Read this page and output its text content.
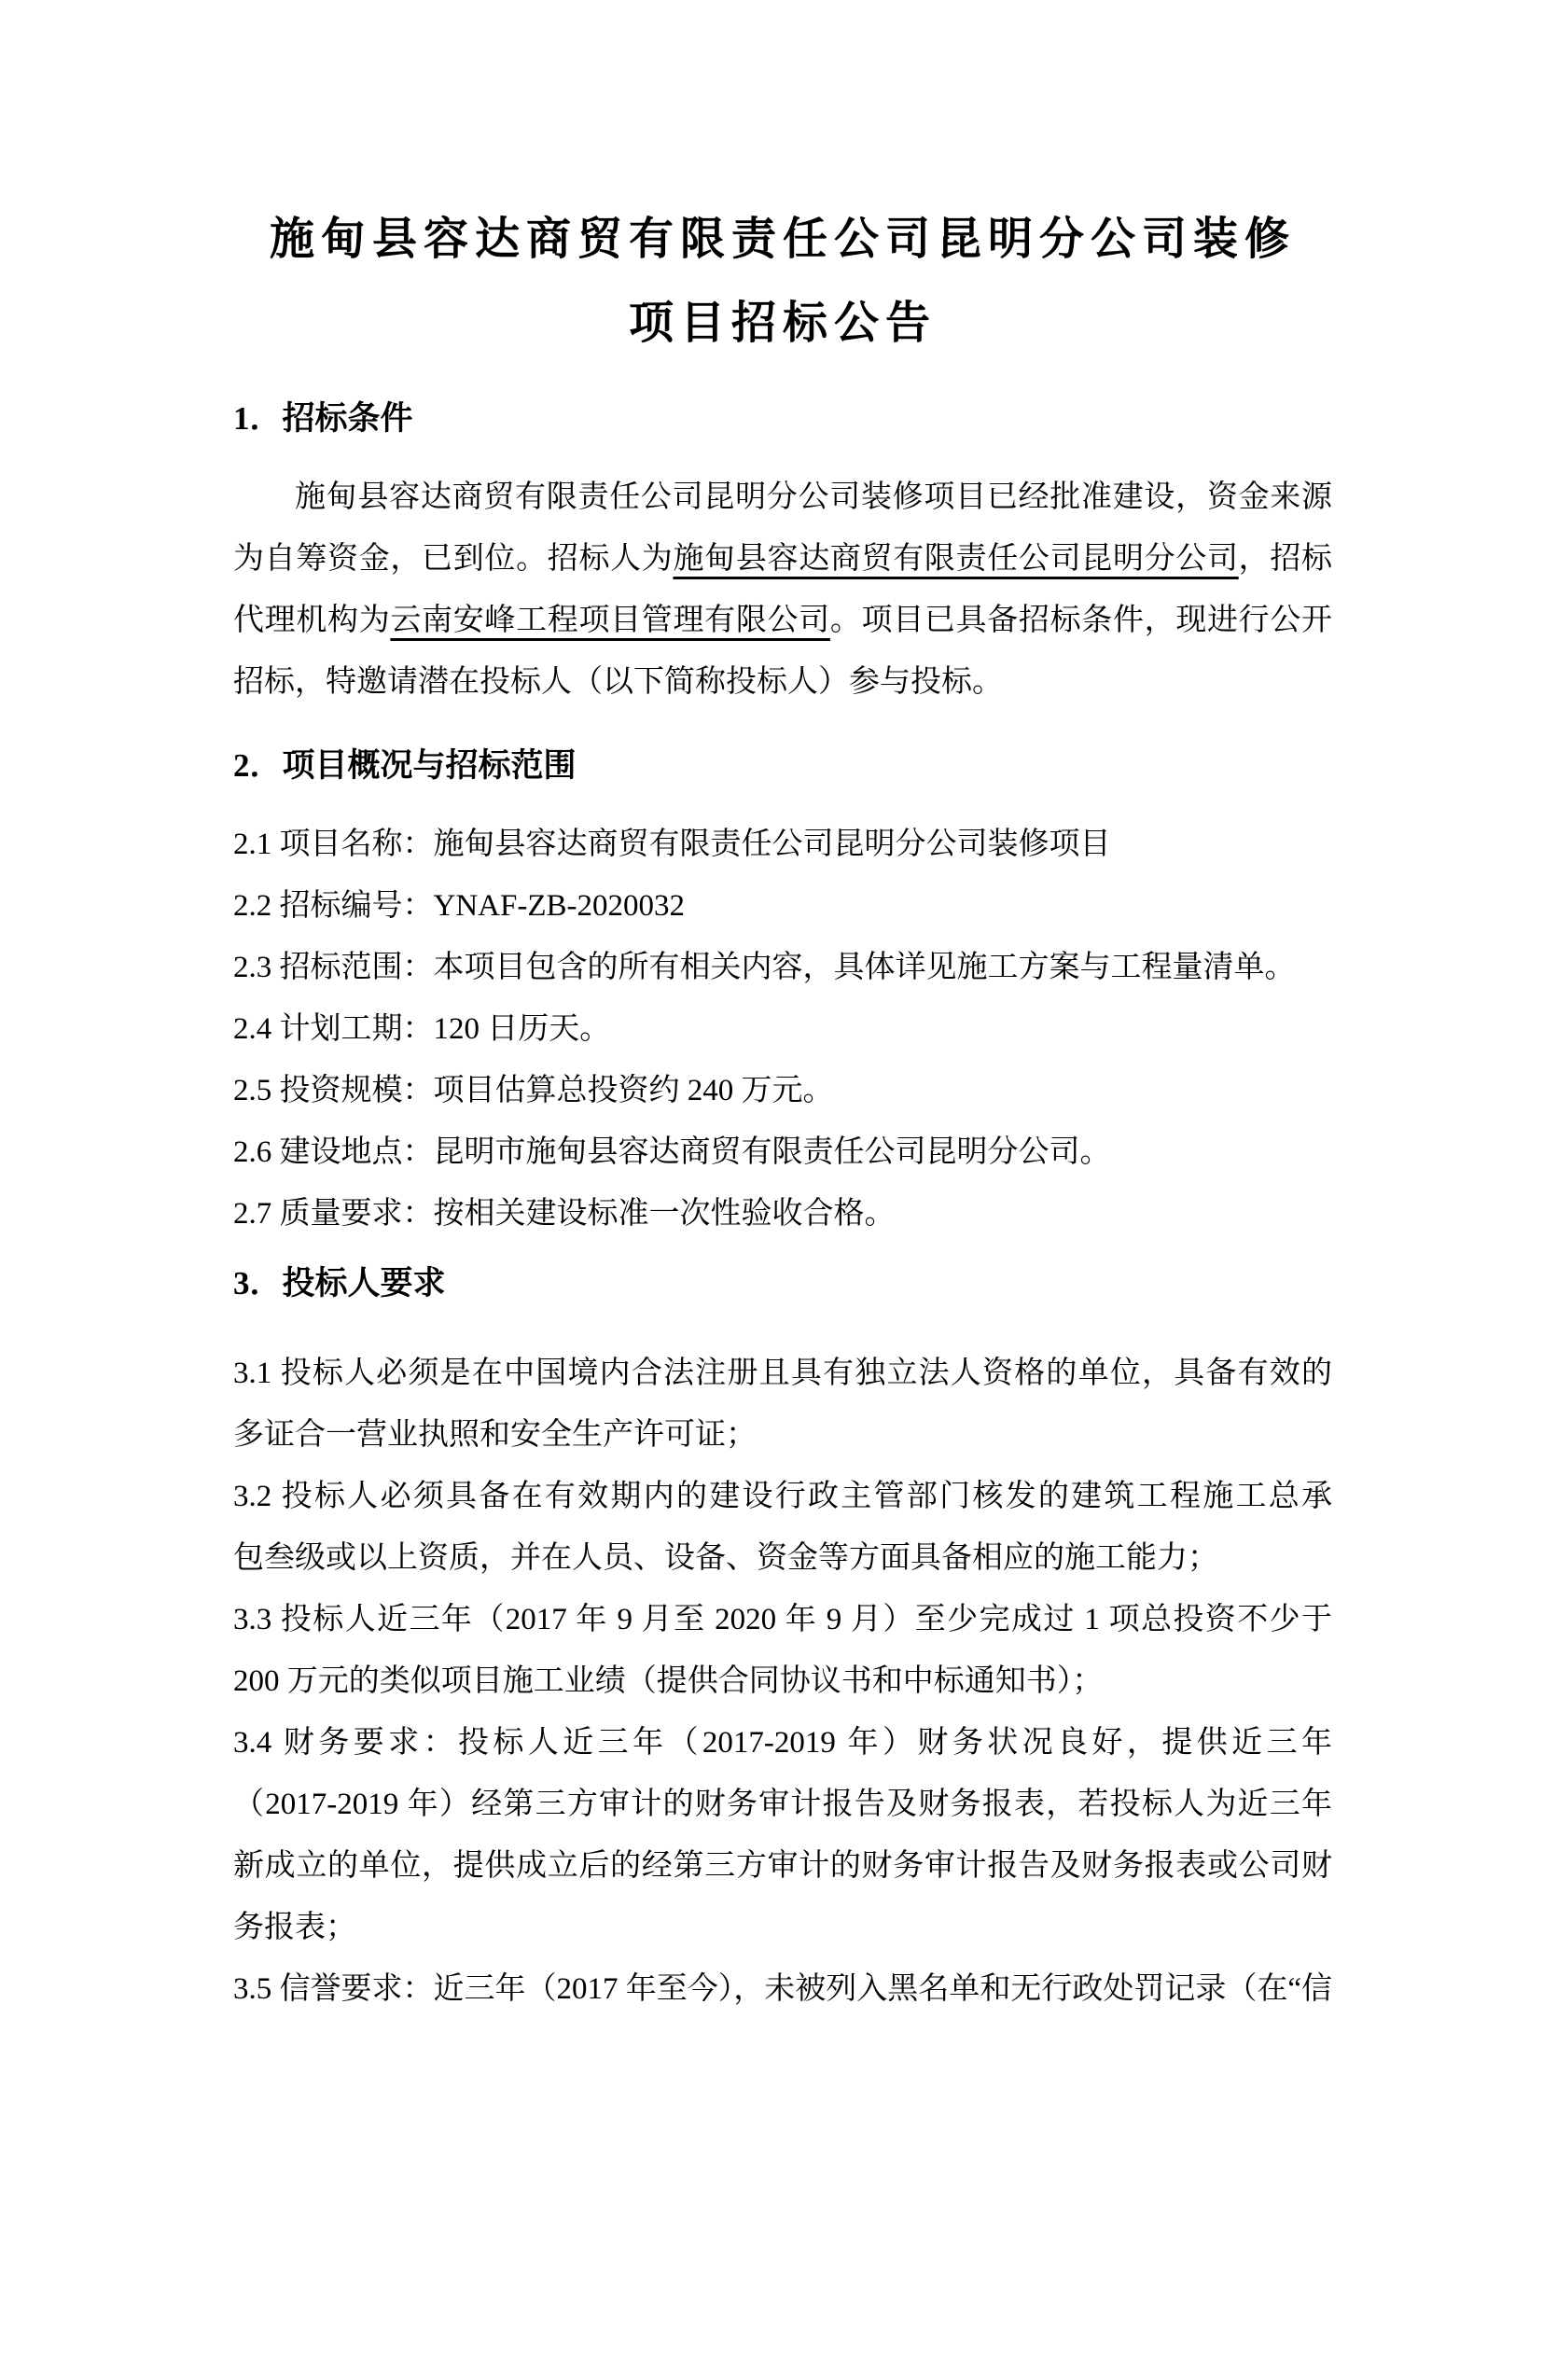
施甸县容达商贸有限责任公司昆明分公司装修
项目招标公告
1．招标条件
施甸县容达商贸有限责任公司昆明分公司装修项目已经批准建设，资金来源
为自筹资金，已到位。招标人为施甸县容达商贸有限责任公司昆明分公司，招标
代理机构为云南安峰工程项目管理有限公司。项目已具备招标条件，现进行公开
招标，特邀请潜在投标人（以下简称投标人）参与投标。
2．项目概况与招标范围
2.1 项目名称：施甸县容达商贸有限责任公司昆明分公司装修项目
2.2 招标编号：YNAF-ZB-2020032
2.3 招标范围：本项目包含的所有相关内容，具体详见施工方案与工程量清单。
2.4 计划工期：120 日历天。
2.5 投资规模：项目估算总投资约 240 万元。
2.6 建设地点：昆明市施甸县容达商贸有限责任公司昆明分公司。
2.7 质量要求：按相关建设标准一次性验收合格。
3．投标人要求
3.1 投标人必须是在中国境内合法注册且具有独立法人资格的单位，具备有效的
多证合一营业执照和安全生产许可证；
3.2 投标人必须具备在有效期内的建设行政主管部门核发的建筑工程施工总承
包叁级或以上资质，并在人员、设备、资金等方面具备相应的施工能力；
3.3 投标人近三年（2017 年 9 月至 2020 年 9 月）至少完成过 1 项总投资不少于
200 万元的类似项目施工业绩（提供合同协议书和中标通知书）；
3.4 财务要求：投标人近三年（2017-2019 年）财务状况良好，提供近三年
（2017-2019 年）经第三方审计的财务审计报告及财务报表，若投标人为近三年
新成立的单位，提供成立后的经第三方审计的财务审计报告及财务报表或公司财
务报表；
3.5 信誉要求：近三年（2017 年至今），未被列入黑名单和无行政处罚记录（在“信
